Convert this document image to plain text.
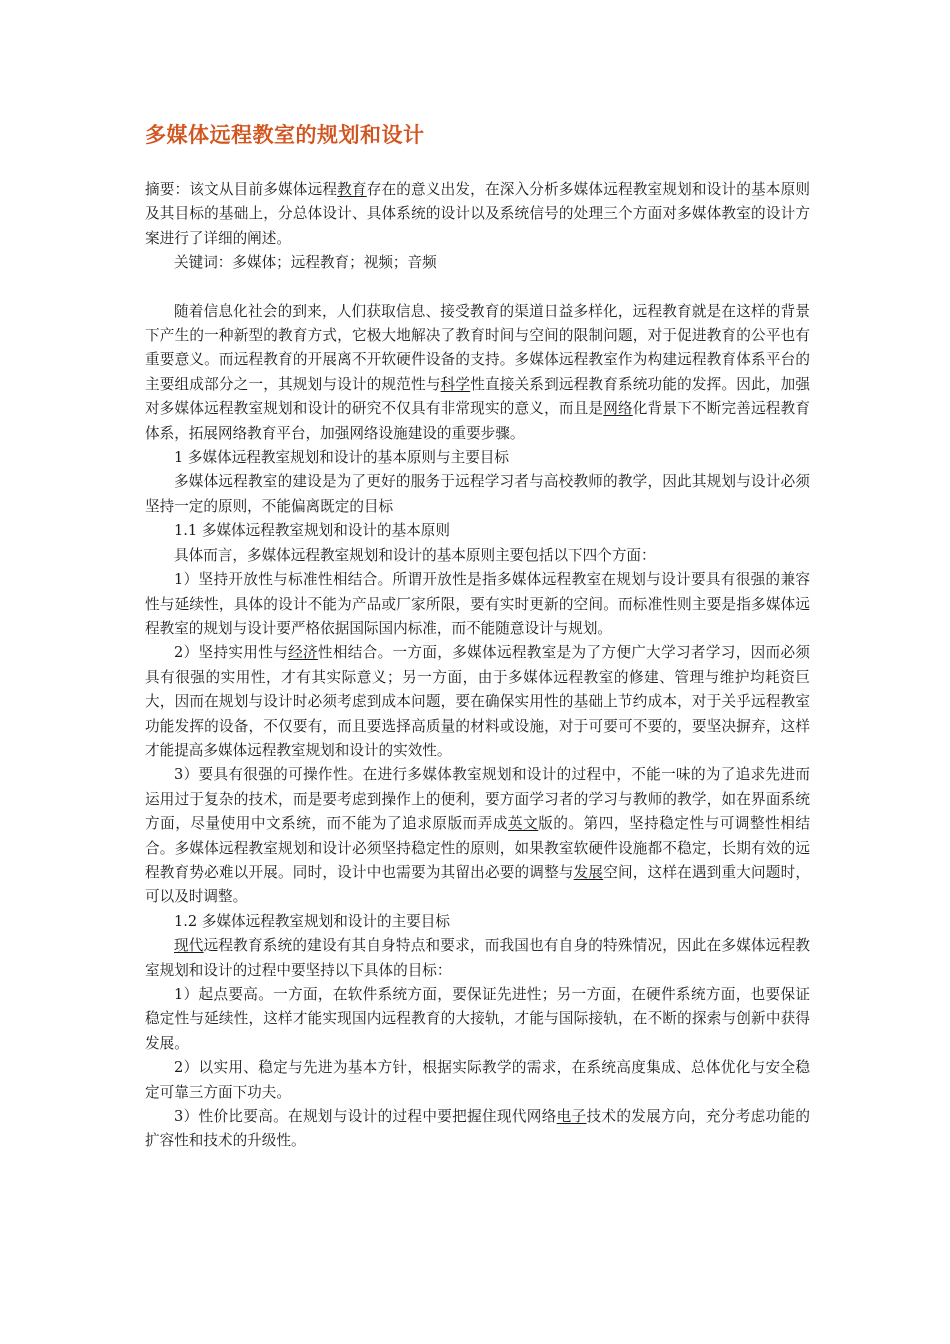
多媒体远程教室的规划和设计

摘要：该文从目前多媒体远程教育存在的意义出发，在深入分析多媒体远程教室规划和设计的基本原则及其目标的基础上，分总体设计、具体系统的设计以及系统信号的处理三个方面对多媒体教室的设计方案进行了详细的阐述。

关键词：多媒体；远程教育；视频；音频

随着信息化社会的到来，人们获取信息、接受教育的渠道日益多样化，远程教育就是在这样的背景下产生的一种新型的教育方式，它极大地解决了教育时间与空间的限制问题，对于促进教育的公平也有重要意义。而远程教育的开展离不开软硬件设备的支持。多媒体远程教室作为构建远程教育体系平台的主要组成部分之一，其规划与设计的规范性与科学性直接关系到远程教育系统功能的发挥。因此，加强对多媒体远程教室规划和设计的研究不仅具有非常现实的意义，而且是网络化背景下不断完善远程教育体系，拓展网络教育平台，加强网络设施建设的重要步骤。

1 多媒体远程教室规划和设计的基本原则与主要目标

多媒体远程教室的建设是为了更好的服务于远程学习者与高校教师的教学，因此其规划与设计必须坚持一定的原则，不能偏离既定的目标

1.1 多媒体远程教室规划和设计的基本原则

具体而言，多媒体远程教室规划和设计的基本原则主要包括以下四个方面：

1）坚持开放性与标准性相结合。所谓开放性是指多媒体远程教室在规划与设计要具有很强的兼容性与延续性，具体的设计不能为产品或厂家所限，要有实时更新的空间。而标准性则主要是指多媒体远程教室的规划与设计要严格依据国际国内标准，而不能随意设计与规划。

2）坚持实用性与经济性相结合。一方面，多媒体远程教室是为了方便广大学习者学习，因而必须具有很强的实用性，才有其实际意义；另一方面，由于多媒体远程教室的修建、管理与维护均耗资巨大，因而在规划与设计时必须考虑到成本问题，要在确保实用性的基础上节约成本，对于关乎远程教室功能发挥的设备，不仅要有，而且要选择高质量的材料或设施，对于可要可不要的，要坚决摒弃，这样才能提高多媒体远程教室规划和设计的实效性。

3）要具有很强的可操作性。在进行多媒体教室规划和设计的过程中，不能一味的为了追求先进而运用过于复杂的技术，而是要考虑到操作上的便利，要方面学习者的学习与教师的教学，如在界面系统方面，尽量使用中文系统，而不能为了追求原版而弄成英文版的。第四，坚持稳定性与可调整性相结合。多媒体远程教室规划和设计必须坚持稳定性的原则，如果教室软硬件设施都不稳定，长期有效的远程教育势必难以开展。同时，设计中也需要为其留出必要的调整与发展空间，这样在遇到重大问题时，可以及时调整。

1.2 多媒体远程教室规划和设计的主要目标

现代远程教育系统的建设有其自身特点和要求，而我国也有自身的特殊情况，因此在多媒体远程教室规划和设计的过程中要坚持以下具体的目标：

1）起点要高。一方面，在软件系统方面，要保证先进性；另一方面，在硬件系统方面，也要保证稳定性与延续性，这样才能实现国内远程教育的大接轨，才能与国际接轨，在不断的探索与创新中获得发展。

2）以实用、稳定与先进为基本方针，根据实际教学的需求，在系统高度集成、总体优化与安全稳定可靠三方面下功夫。

3）性价比要高。在规划与设计的过程中要把握住现代网络电子技术的发展方向，充分考虑功能的扩容性和技术的升级性。
